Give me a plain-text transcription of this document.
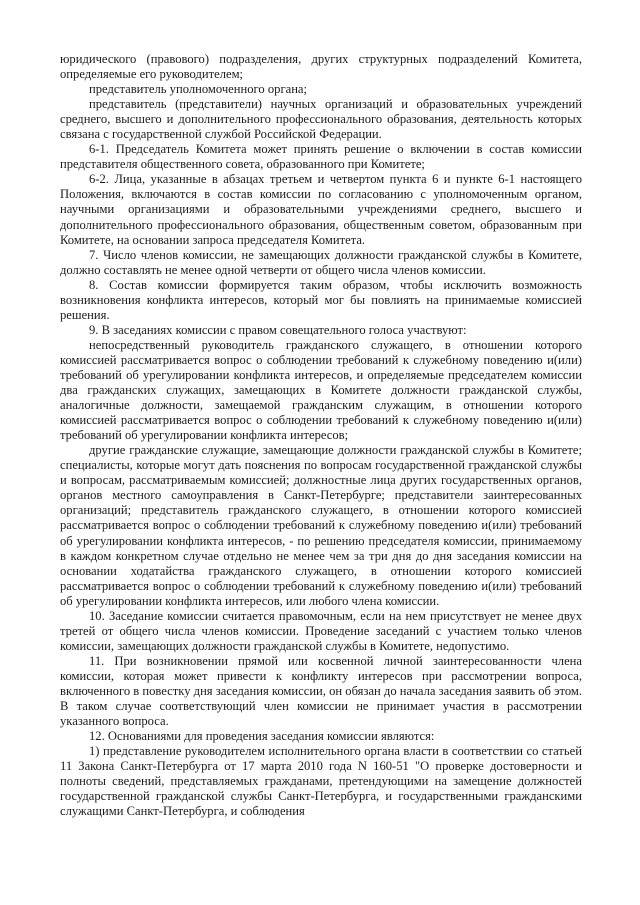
юридического (правового) подразделения, других структурных подразделений Комитета, определяемые его руководителем;

представитель уполномоченного органа;

представитель (представители) научных организаций и образовательных учреждений среднего, высшего и дополнительного профессионального образования, деятельность которых связана с государственной службой Российской Федерации.

6-1. Председатель Комитета может принять решение о включении в состав комиссии представителя общественного совета, образованного при Комитете;

6-2. Лица, указанные в абзацах третьем и четвертом пункта 6 и пункте 6-1 настоящего Положения, включаются в состав комиссии по согласованию с уполномоченным органом, научными организациями и образовательными учреждениями среднего, высшего и дополнительного профессионального образования, общественным советом, образованным при Комитете, на основании запроса председателя Комитета.

7. Число членов комиссии, не замещающих должности гражданской службы в Комитете, должно составлять не менее одной четверти от общего числа членов комиссии.

8. Состав комиссии формируется таким образом, чтобы исключить возможность возникновения конфликта интересов, который мог бы повлиять на принимаемые комиссией решения.

9. В заседаниях комиссии с правом совещательного голоса участвуют:

непосредственный руководитель гражданского служащего, в отношении которого комиссией рассматривается вопрос о соблюдении требований к служебному поведению и(или) требований об урегулировании конфликта интересов, и определяемые председателем комиссии два гражданских служащих, замещающих в Комитете должности гражданской службы, аналогичные должности, замещаемой гражданским служащим, в отношении которого комиссией рассматривается вопрос о соблюдении требований к служебному поведению и(или) требований об урегулировании конфликта интересов;

другие гражданские служащие, замещающие должности гражданской службы в Комитете; специалисты, которые могут дать пояснения по вопросам государственной гражданской службы и вопросам, рассматриваемым комиссией; должностные лица других государственных органов, органов местного самоуправления в Санкт-Петербурге; представители заинтересованных организаций; представитель гражданского служащего, в отношении которого комиссией рассматривается вопрос о соблюдении требований к служебному поведению и(или) требований об урегулировании конфликта интересов, - по решению председателя комиссии, принимаемому в каждом конкретном случае отдельно не менее чем за три дня до дня заседания комиссии на основании ходатайства гражданского служащего, в отношении которого комиссией рассматривается вопрос о соблюдении требований к служебному поведению и(или) требований об урегулировании конфликта интересов, или любого члена комиссии.

10. Заседание комиссии считается правомочным, если на нем присутствует не менее двух третей от общего числа членов комиссии. Проведение заседаний с участием только членов комиссии, замещающих должности гражданской службы в Комитете, недопустимо.

11. При возникновении прямой или косвенной личной заинтересованности члена комиссии, которая может привести к конфликту интересов при рассмотрении вопроса, включенного в повестку дня заседания комиссии, он обязан до начала заседания заявить об этом. В таком случае соответствующий член комиссии не принимает участия в рассмотрении указанного вопроса.

12. Основаниями для проведения заседания комиссии являются:

1) представление руководителем исполнительного органа власти в соответствии со статьей 11 Закона Санкт-Петербурга от 17 марта 2010 года N 160-51 "О проверке достоверности и полноты сведений, представляемых гражданами, претендующими на замещение должностей государственной гражданской службы Санкт-Петербурга, и государственными гражданскими служащими Санкт-Петербурга, и соблюдения
